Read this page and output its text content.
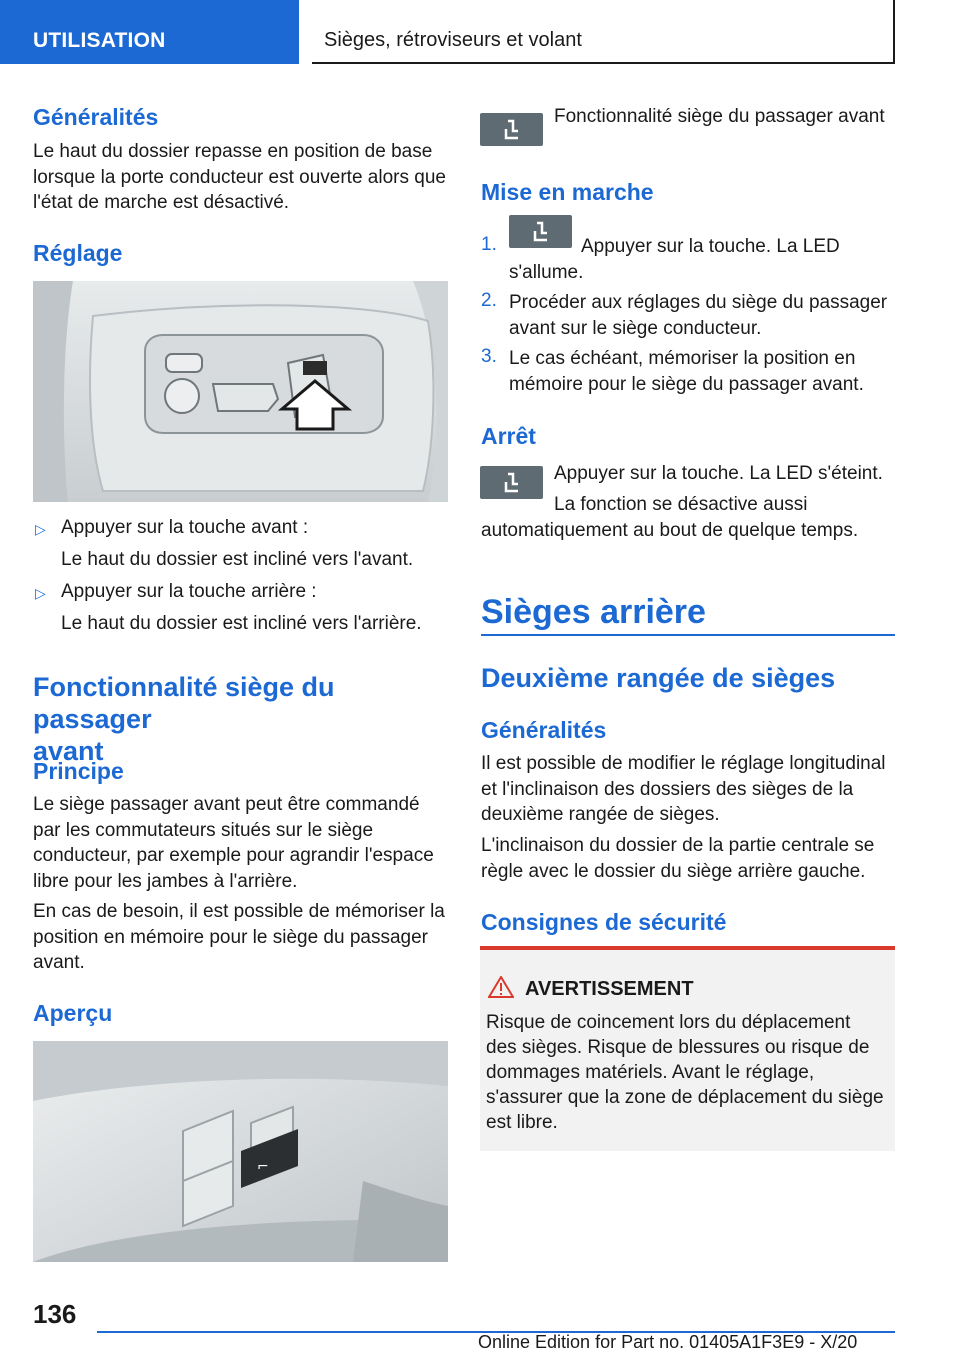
UTILISATION	Sièges, rétroviseurs et volant
Généralités
Le haut du dossier repasse en position de base lorsque la porte conducteur est ouverte alors que l'état de marche est désactivé.
Réglage
▷ Appuyer sur la touche avant :
Le haut du dossier est incliné vers l'avant.
▷ Appuyer sur la touche arrière :
Le haut du dossier est incliné vers l'arrière.
Fonctionnalité siège du passager
avant
Principe
Le siège passager avant peut être commandé par les commutateurs situés sur le siège conducteur, par exemple pour agrandir l'espace libre pour les jambes à l'arrière.
En cas de besoin, il est possible de mémoriser la position en mémoire pour le siège du passager avant.
Aperçu
⌐
Fonctionnalité siège du passager avant
Mise en marche
1.	Appuyer sur la touche. La LED s'allume.
2. Procéder aux réglages du siège du passager avant sur le siège conducteur.
3. Le cas échéant, mémoriser la position en mémoire pour le siège du passager avant.
Arrêt
Appuyer sur la touche. La LED s'éteint.
La fonction se désactive aussi automatiquement au bout de quelque temps.
Sièges arrière
Deuxième rangée de sièges
Généralités
Il est possible de modifier le réglage longitudinal et l'inclinaison des dossiers des sièges de la deuxième rangée de sièges.
L'inclinaison du dossier de la partie centrale se règle avec le dossier du siège arrière gauche.
Consignes de sécurité
AVERTISSEMENT
Risque de coincement lors du déplacement des sièges. Risque de blessures ou risque de dommages matériels. Avant le réglage, s'assurer que la zone de déplacement du siège est libre.
136
Online Edition for Part no. 01405A1F3E9 - X/20
